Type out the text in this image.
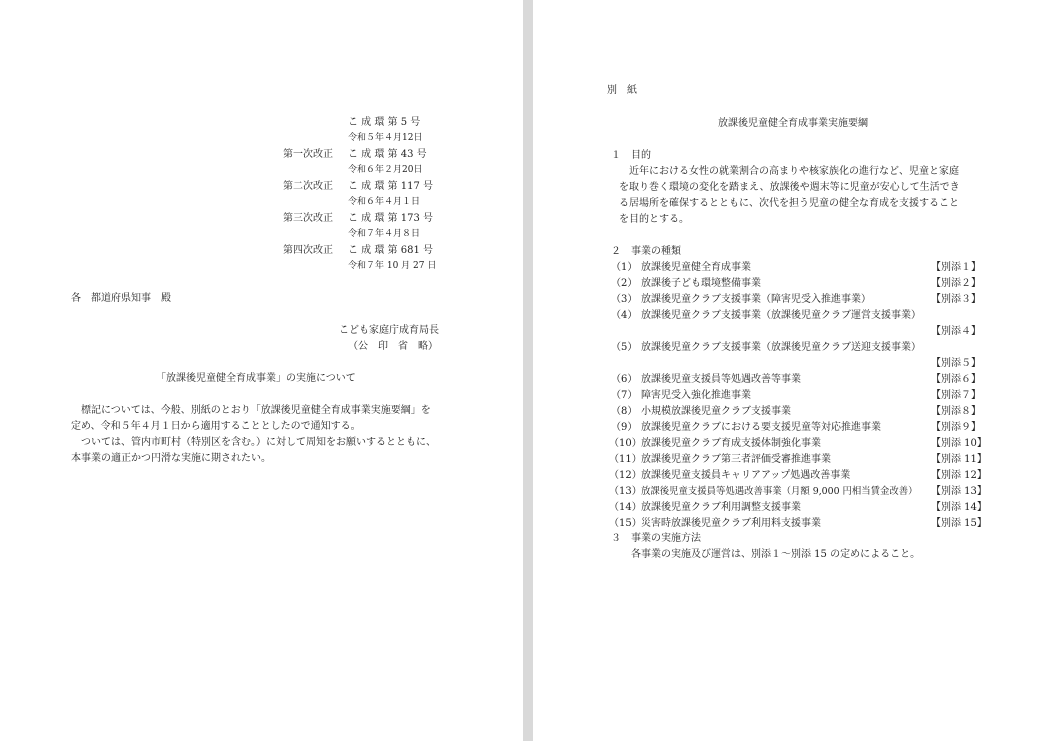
こ 成 環 第 5 号
令和５年４月12日
第一次改正 こ 成 環 第 43 号
令和６年２月20日
第二次改正 こ 成 環 第 117 号
令和６年４月１日
第三次改正 こ 成 環 第 173 号
令和７年４月８日
第四次改正 こ 成 環 第 681 号
令和７年 10 月 27 日
各　都道府県知事　殿
こども家庭庁成育局長
（公　印　省　略）
「放課後児童健全育成事業」の実施について
　標記については、今般、別紙のとおり「放課後児童健全育成事業実施要綱」を
定め、令和５年４月１日から適用することとしたので通知する。
　ついては、管内市町村（特別区を含む。）に対して周知をお願いするとともに、
本事業の適正かつ円滑な実施に期されたい。
別　紙
放課後児童健全育成事業実施要綱
１　目的
　近年における女性の就業割合の高まりや核家族化の進行など、児童と家庭
を取り巻く環境の変化を踏まえ、放課後や週末等に児童が安心して生活でき
る居場所を確保するとともに、次代を担う児童の健全な育成を支援すること
を目的とする。
２　事業の種類
（1） 放課後児童健全育成事業	【別添１】
（2） 放課後子ども環境整備事業	【別添２】
（3） 放課後児童クラブ支援事業（障害児受入推進事業）	【別添３】
（4） 放課後児童クラブ支援事業（放課後児童クラブ運営支援事業）
【別添４】
（5） 放課後児童クラブ支援事業（放課後児童クラブ送迎支援事業）
【別添５】
（6） 放課後児童支援員等処遇改善等事業	【別添６】
（7） 障害児受入強化推進事業	【別添７】
（8） 小規模放課後児童クラブ支援事業	【別添８】
（9） 放課後児童クラブにおける要支援児童等対応推進事業	【別添９】
（10） 放課後児童クラブ育成支援体制強化事業	【別添 10】
（11） 放課後児童クラブ第三者評価受審推進事業	【別添 11】
（12） 放課後児童支援員キャリアアップ処遇改善事業	【別添 12】
（13） 放課後児童支援員等処遇改善事業（月額 9,000 円相当賃金改善） 【別添 13】
（14） 放課後児童クラブ利用調整支援事業	【別添 14】
（15） 災害時放課後児童クラブ利用料支援事業	【別添 15】
３　事業の実施方法
　各事業の実施及び運営は、別添１～別添 15 の定めによること。
